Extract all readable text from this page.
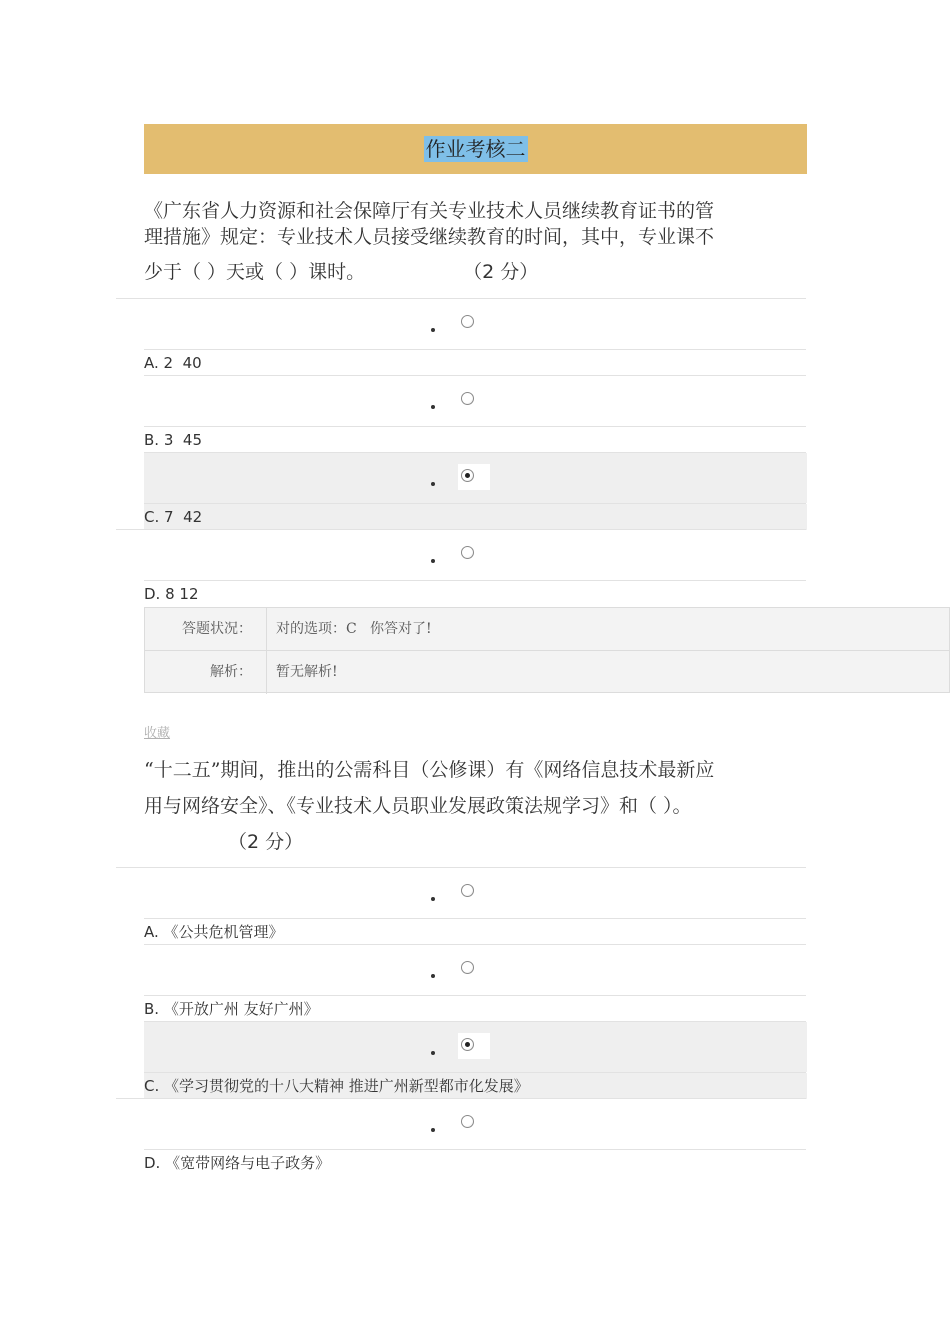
作业考核二
《广东省人力资源和社会保障厅有关专业技术人员继续教育证书的管
理措施》规定：专业技术人员接受继续教育的时间，其中，专业课不
少于（ ）天或（ ）课时。	（2 分）
A. 2  40
B. 3  45
C. 7  42
D. 8 12
答题状况：	对的选项：C   你答对了!
解析：	暂无解析!
收藏
“十二五”期间，推出的公需科目（公修课）有《网络信息技术最新应
用与网络安全》、《专业技术人员职业发展政策法规学习》和（ ）。
（2 分）
A. 《公共危机管理》
B. 《开放广州 友好广州》
C. 《学习贯彻党的十八大精神 推进广州新型都市化发展》
D. 《宽带网络与电子政务》
